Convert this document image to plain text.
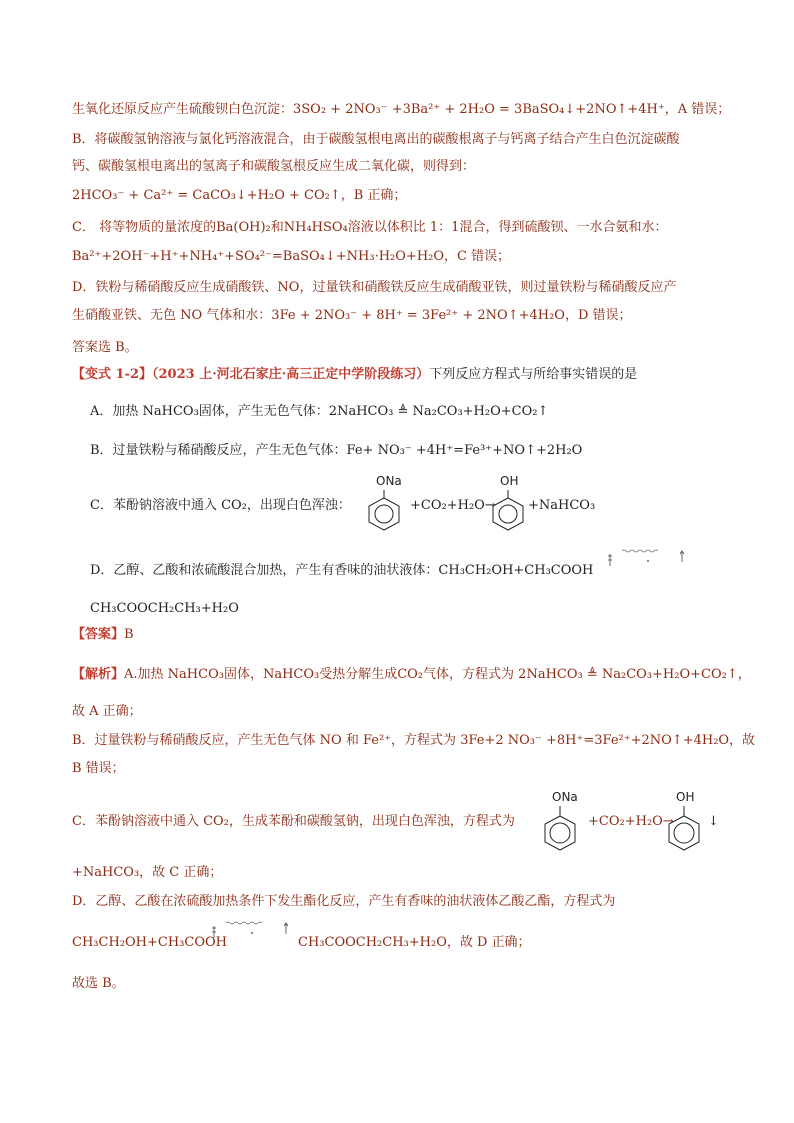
生氧化还原反应产生硫酸钡白色沉淀：3SO₂ + 2NO₃⁻ +3Ba²⁺ + 2H₂O = 3BaSO₄↓+2NO↑+4H⁺，A 错误；
B．将碳酸氢钠溶液与氯化钙溶液混合，由于碳酸氢根电离出的碳酸根离子与钙离子结合产生白色沉淀碳酸
钙、碳酸氢根电离出的氢离子和碳酸氢根反应生成二氧化碳，则得到：
2HCO₃⁻ + Ca²⁺ = CaCO₃↓+H₂O + CO₂↑，B 正确；
C． 将等物质的量浓度的Ba(OH)₂和NH₄HSO₄溶液以体积比 1：1混合，得到硫酸钡、一水合氨和水：
Ba²⁺+2OH⁻+H⁺+NH₄⁺+SO₄²⁻=BaSO₄↓+NH₃·H₂O+H₂O，C 错误；
D．铁粉与稀硝酸反应生成硝酸铁、NO，过量铁和硝酸铁反应生成硝酸亚铁，则过量铁粉与稀硝酸反应产
生硝酸亚铁、无色 NO 气体和水：3Fe + 2NO₃⁻ + 8H⁺ = 3Fe²⁺ + 2NO↑+4H₂O，D 错误；
答案选 B。
【变式 1-2】（2023 上·河北石家庄·高三正定中学阶段练习）下列反应方程式与所给事实错误的是
A．加热 NaHCO₃固体，产生无色气体：2NaHCO₃ ≜ Na₂CO₃+H₂O+CO₂↑
B．过量铁粉与稀硝酸反应，产生无色气体：Fe+ NO₃⁻ +4H⁺=Fe³⁺+NO↑+2H₂O
C．苯酚钠溶液中通入 CO₂，出现白色浑浊：
ONa
+CO₂+H₂O→
OH
+NaHCO₃
D．乙醇、乙酸和浓硫酸混合加热，产生有香味的油状液体：CH₃CH₂OH+CH₃COOH
CH₃COOCH₂CH₃+H₂O
【答案】B
【解析】A.加热 NaHCO₃固体，NaHCO₃受热分解生成CO₂气体，方程式为 2NaHCO₃ ≜ Na₂CO₃+H₂O+CO₂↑，
故 A 正确；
B．过量铁粉与稀硝酸反应，产生无色气体 NO 和 Fe²⁺，方程式为 3Fe+2 NO₃⁻ +8H⁺=3Fe²⁺+2NO↑+4H₂O，故
B 错误；
C．苯酚钠溶液中通入 CO₂，生成苯酚和碳酸氢钠，出现白色浑浊，方程式为
ONa
+CO₂+H₂O→
OH
↓
+NaHCO₃，故 C 正确；
D．乙醇、乙酸在浓硫酸加热条件下发生酯化反应，产生有香味的油状液体乙酸乙酯，方程式为
CH₃CH₂OH+CH₃COOH	CH₃COOCH₂CH₃+H₂O，故 D 正确；
故选 B。
